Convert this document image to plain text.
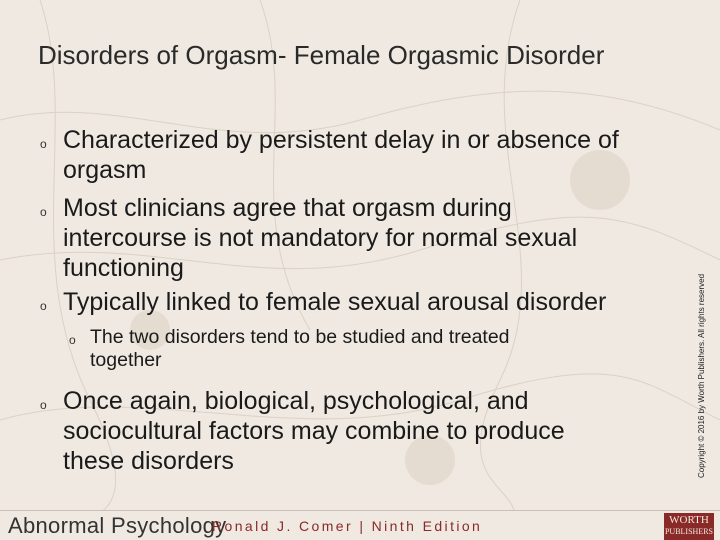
Disorders of Orgasm- Female Orgasmic Disorder
o Characterized by persistent delay in or absence of
orgasm
o Most clinicians agree that orgasm during
intercourse is not mandatory for normal sexual
functioning
o Typically linked to female sexual arousal disorder
o The two disorders tend to be studied and treated
together
o Once again, biological, psychological, and
sociocultural factors may combine to produce
these disorders	Copyright © 2016 by Worth Publishers. All rights reserved
Abnormal Psychology
Ronald J. Comer | Ninth Edition	WORTH
PUBLISHERS
